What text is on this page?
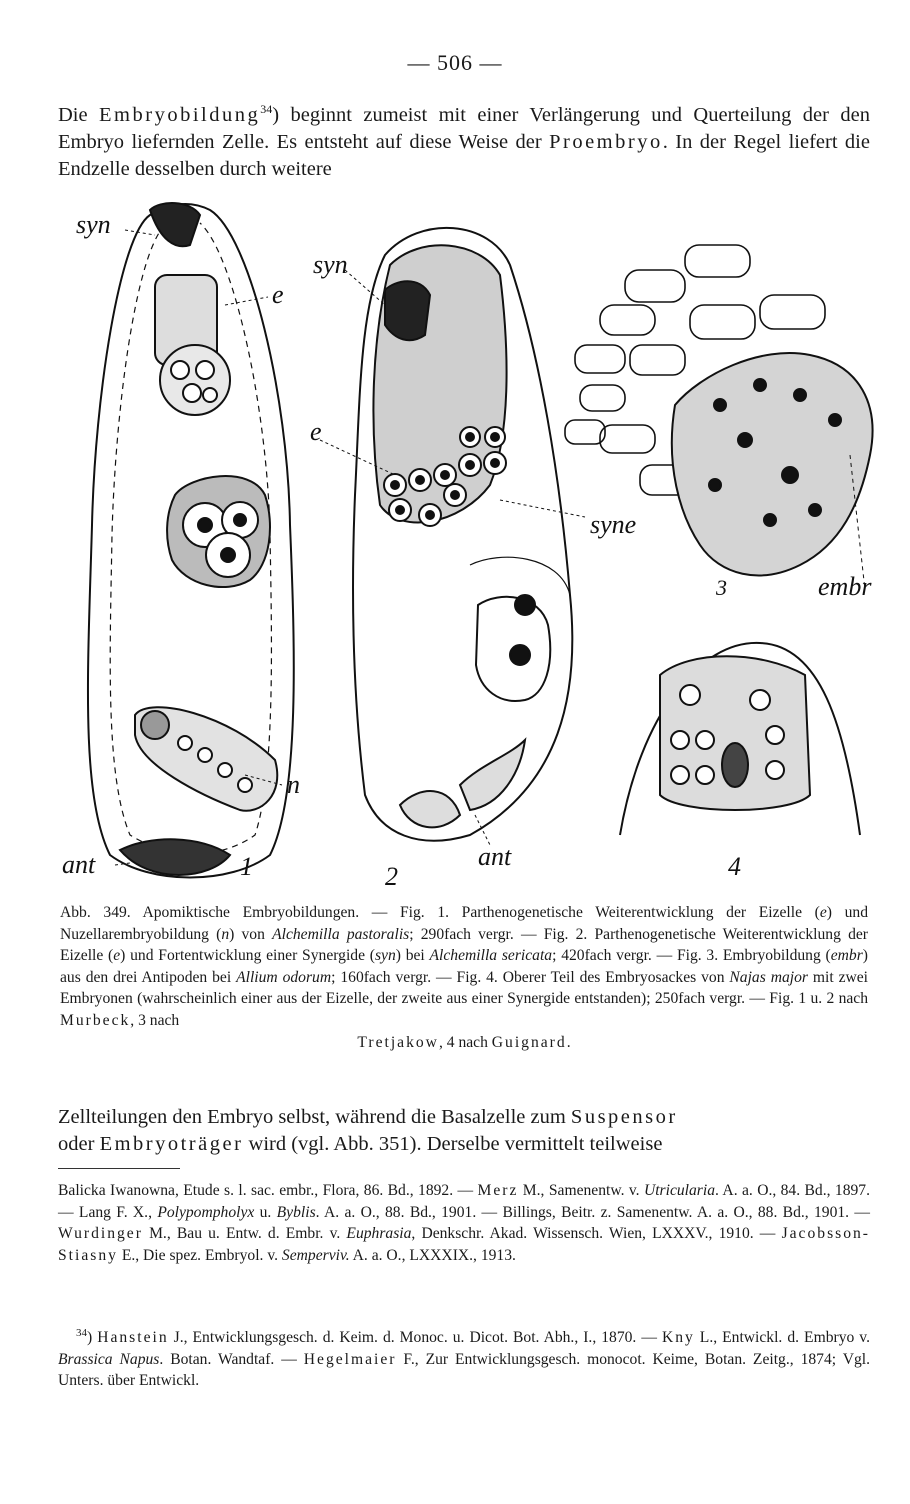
— 506 —
Die Embryobildung$^{34}$) beginnt zumeist mit einer Verlängerung und Querteilung der den Embryo liefernden Zelle. Es entsteht auf diese Weise der Proembryo. In der Regel liefert die Endzelle desselben durch weitere
syn
e
n
ant	1
syn
e
syne
ant
2
3	embr
4
Abb. 349. Apomiktische Embryobildungen. — Fig. 1. Parthenogenetische Weiterentwicklung der Eizelle (e) und Nuzellarembryobildung (n) von Alchemilla pastoralis; 290fach vergr. — Fig. 2. Parthenogenetische Weiterentwicklung der Eizelle (e) und Fortentwicklung einer Synergide (syn) bei Alchemilla sericata; 420fach vergr. — Fig. 3. Embryobildung (embr) aus den drei Antipoden bei Allium odorum; 160fach vergr. — Fig. 4. Oberer Teil des Embryosackes von Najas major mit zwei Embryonen (wahrscheinlich einer aus der Eizelle, der zweite aus einer Synergide entstanden); 250fach vergr. — Fig. 1 u. 2 nach Murbeck, 3 nach
Tretjakow, 4 nach Guignard.
Zellteilungen den Embryo selbst, während die Basalzelle zum Suspensor
oder Embryoträger wird (vgl. Abb. 351). Derselbe vermittelt teilweise
Balicka Iwanowna, Etude s. l. sac. embr., Flora, 86. Bd., 1892. — Merz M., Samenentw. v. Utricularia. A. a. O., 84. Bd., 1897. — Lang F. X., Polypompholyx u. Byblis. A. a. O., 88. Bd., 1901. — Billings, Beitr. z. Samenentw. A. a. O., 88. Bd., 1901. — Wurdinger M., Bau u. Entw. d. Embr. v. Euphrasia, Denkschr. Akad. Wissensch. Wien, LXXXV., 1910. — Jacobsson-Stiasny E., Die spez. Embryol. v. Semperviv. A. a. O., LXXXIX., 1913.
$^{34}$) Hanstein J., Entwicklungsgesch. d. Keim. d. Monoc. u. Dicot. Bot. Abh., I., 1870. — Kny L., Entwickl. d. Embryo v. Brassica Napus. Botan. Wandtaf. — Hegelmaier F., Zur Entwicklungsgesch. monocot. Keime, Botan. Zeitg., 1874; Vgl. Unters. über Entwickl.
